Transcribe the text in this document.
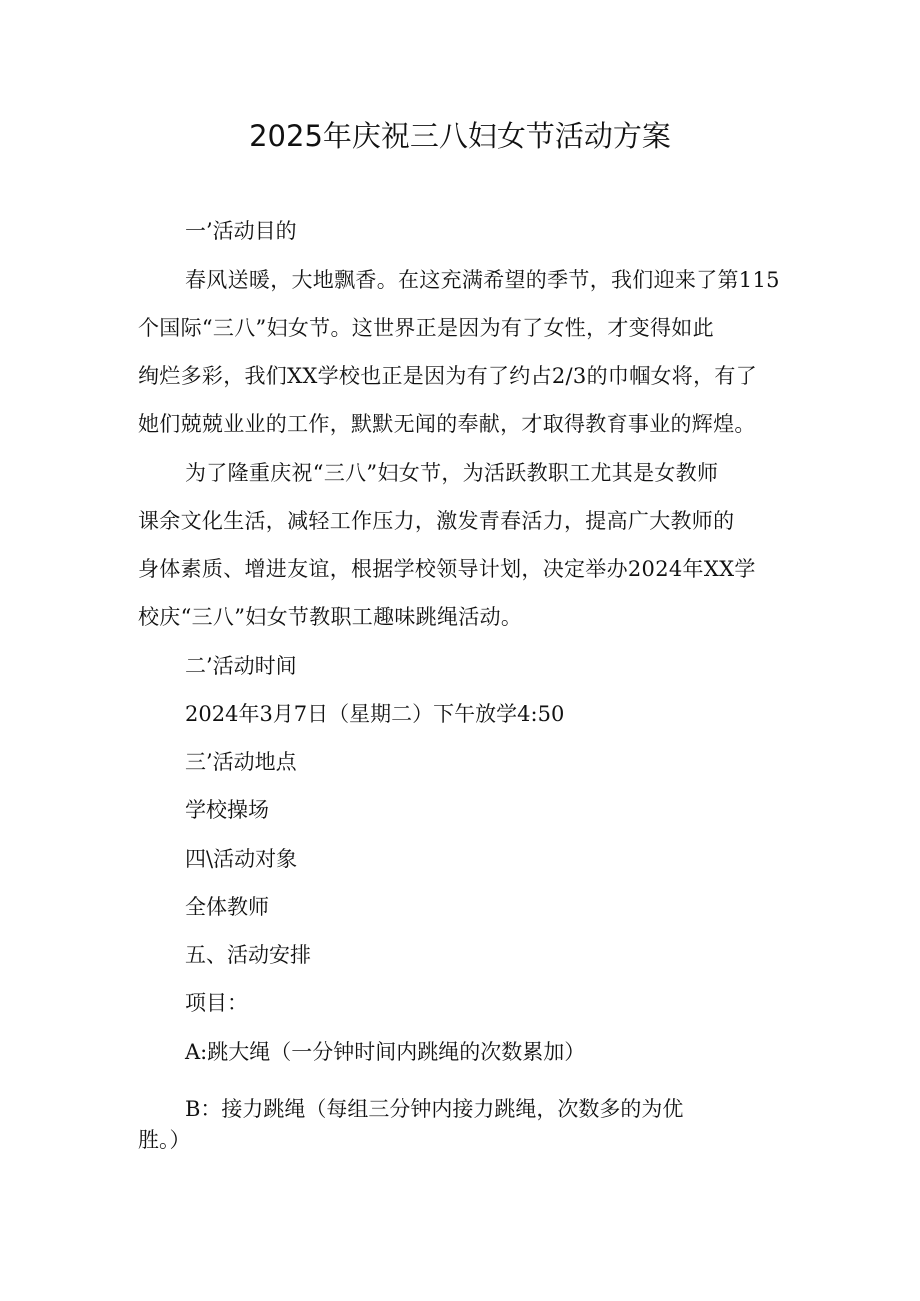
2025年庆祝三八妇女节活动方案

一’活动目的

春风送暖，大地飘香。在这充满希望的季节，我们迎来了第115

个国际“三八”妇女节。这世界正是因为有了女性，才变得如此

绚烂多彩，我们XX学校也正是因为有了约占2/3的巾帼女将，有了

她们兢兢业业的工作，默默无闻的奉献，才取得教育事业的辉煌。

为了隆重庆祝“三八”妇女节，为活跃教职工尤其是女教师

课余文化生活，减轻工作压力，激发青春活力，提高广大教师的

身体素质、增进友谊，根据学校领导计划，决定举办2024年XX学

校庆“三八”妇女节教职工趣味跳绳活动。

二’活动时间

2024年3月7日（星期二）下午放学4:50

三’活动地点

学校操场

四\活动对象

全体教师

五、活动安排

项目：

A:跳大绳（一分钟时间内跳绳的次数累加）

B：接力跳绳（每组三分钟内接力跳绳，次数多的为优

胜。）
